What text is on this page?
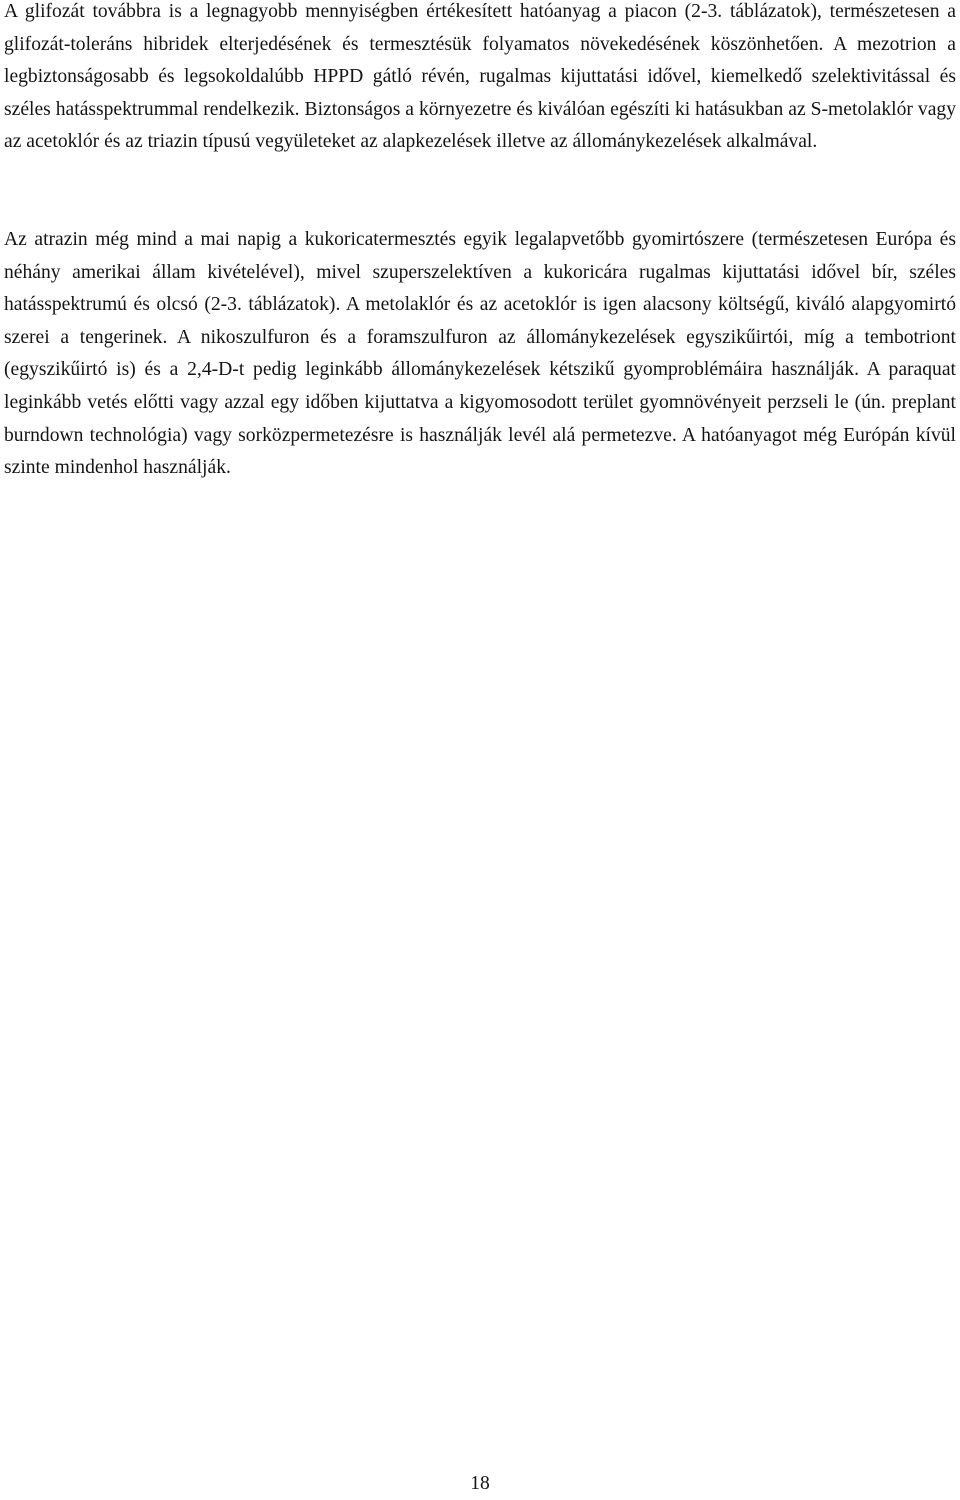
A glifozát továbbra is a legnagyobb mennyiségben értékesített hatóanyag a piacon (2-3. táblázatok), természetesen a glifozát-toleráns hibridek elterjedésének és termesztésük folyamatos növekedésének köszönhetően. A mezotrion a legbiztonságosabb és legsokoldalúbb HPPD gátló révén, rugalmas kijuttatási idővel, kiemelkedő szelektivitással és széles hatásspektrummal rendelkezik. Biztonságos a környezetre és kiválóan egészíti ki hatásukban az S-metolaklór vagy az acetoklór és az triazin típusú vegyületeket az alapkezelések illetve az állománykezelések alkalmával.

Az atrazin még mind a mai napig a kukoricatermesztés egyik legalapvetőbb gyomirtószere (természetesen Európa és néhány amerikai állam kivételével), mivel szuperszelektíven a kukoricára rugalmas kijuttatási idővel bír, széles hatásspektrumú és olcsó (2-3. táblázatok). A metolaklór és az acetoklór is igen alacsony költségű, kiváló alapgyomirtó szerei a tengerinek. A nikoszulfuron és a foramszulfuron az állománykezelések egyszikűirtói, míg a tembotriont (egyszikűirtó is) és a 2,4-D-t pedig leginkább állománykezelések kétszikű gyomproblémáira használják. A paraquat leginkább vetés előtti vagy azzal egy időben kijuttatva a kigyomosodott terület gyomnövényeit perzseli le (ún. preplant burndown technológia) vagy sorközpermetezésre is használják levél alá permetezve. A hatóanyagot még Európán kívül szinte mindenhol használják.

18
